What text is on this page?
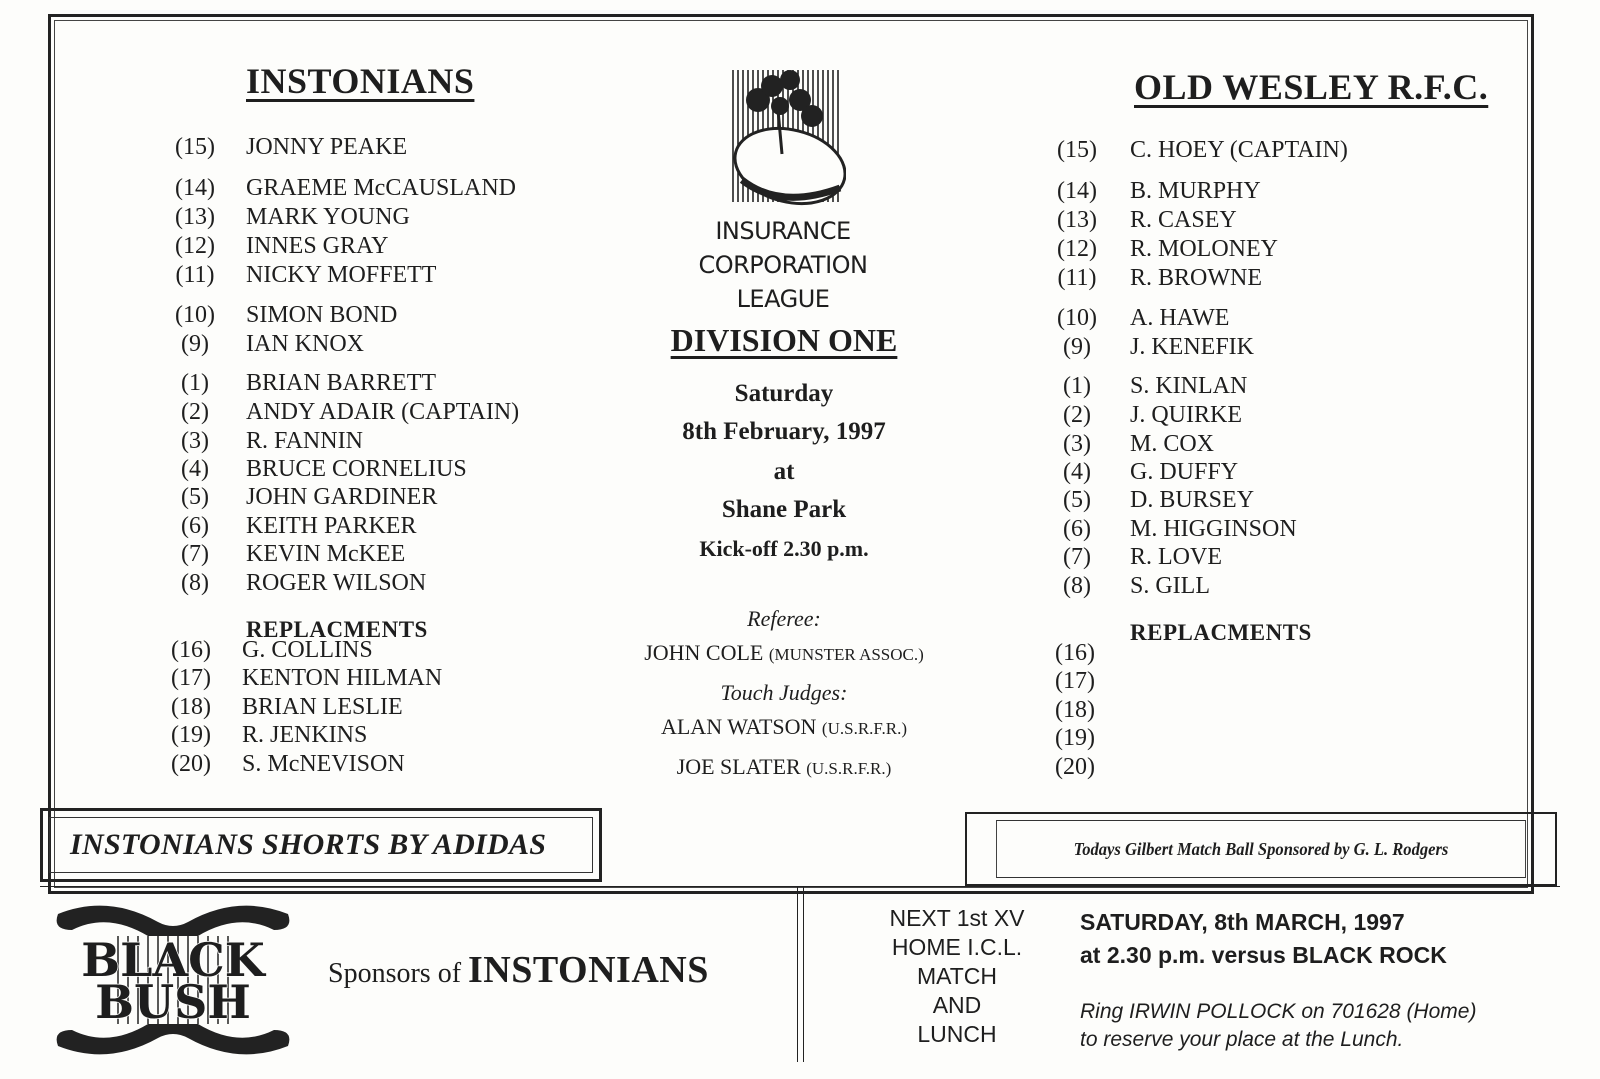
INSTONIANS
(15)	JONNY PEAKE
(14)	GRAEME McCAUSLAND
(13)	MARK YOUNG
(12)	INNES GRAY
(11)	NICKY MOFFETT
(10)	SIMON BOND
(9)	IAN KNOX
(1)	BRIAN BARRETT
(2)	ANDY ADAIR (CAPTAIN)
(3)	R. FANNIN
(4)	BRUCE CORNELIUS
(5)	JOHN GARDINER
(6)	KEITH PARKER
(7)	KEVIN McKEE
(8)	ROGER WILSON
REPLACMENTS
(16)	G. COLLINS
(17)	KENTON HILMAN
(18)	BRIAN LESLIE
(19)	R. JENKINS
(20)	S. McNEVISON
OLD WESLEY R.F.C.
(15)	C. HOEY (CAPTAIN)
(14)	B. MURPHY
(13)	R. CASEY
(12)	R. MOLONEY
(11)	R. BROWNE
(10)	A. HAWE
(9)	J. KENEFIK
(1)	S. KINLAN
(2)	J. QUIRKE
(3)	M. COX
(4)	G. DUFFY
(5)	D. BURSEY
(6)	M. HIGGINSON
(7)	R. LOVE
(8)	S. GILL
REPLACMENTS
(16)
(17)
(18)
(19)
(20)
INSURANCE
CORPORATION
LEAGUE
DIVISION ONE
Saturday
8th February, 1997
at
Shane Park
Kick-off 2.30 p.m.
Referee:
JOHN COLE (MUNSTER ASSOC.)
Touch Judges:
ALAN WATSON (U.S.R.F.R.)
JOE SLATER (U.S.R.F.R.)
INSTONIANS SHORTS BY ADIDAS	Todays Gilbert Match Ball Sponsored by G. L. Rodgers
BLACK
BUSH
Sponsors of INSTONIANS
NEXT 1st XV
HOME I.C.L.
MATCH
AND
LUNCH
SATURDAY, 8th MARCH, 1997
at 2.30 p.m. versus BLACK ROCK
Ring IRWIN POLLOCK on 701628 (Home)
to reserve your place at the Lunch.
